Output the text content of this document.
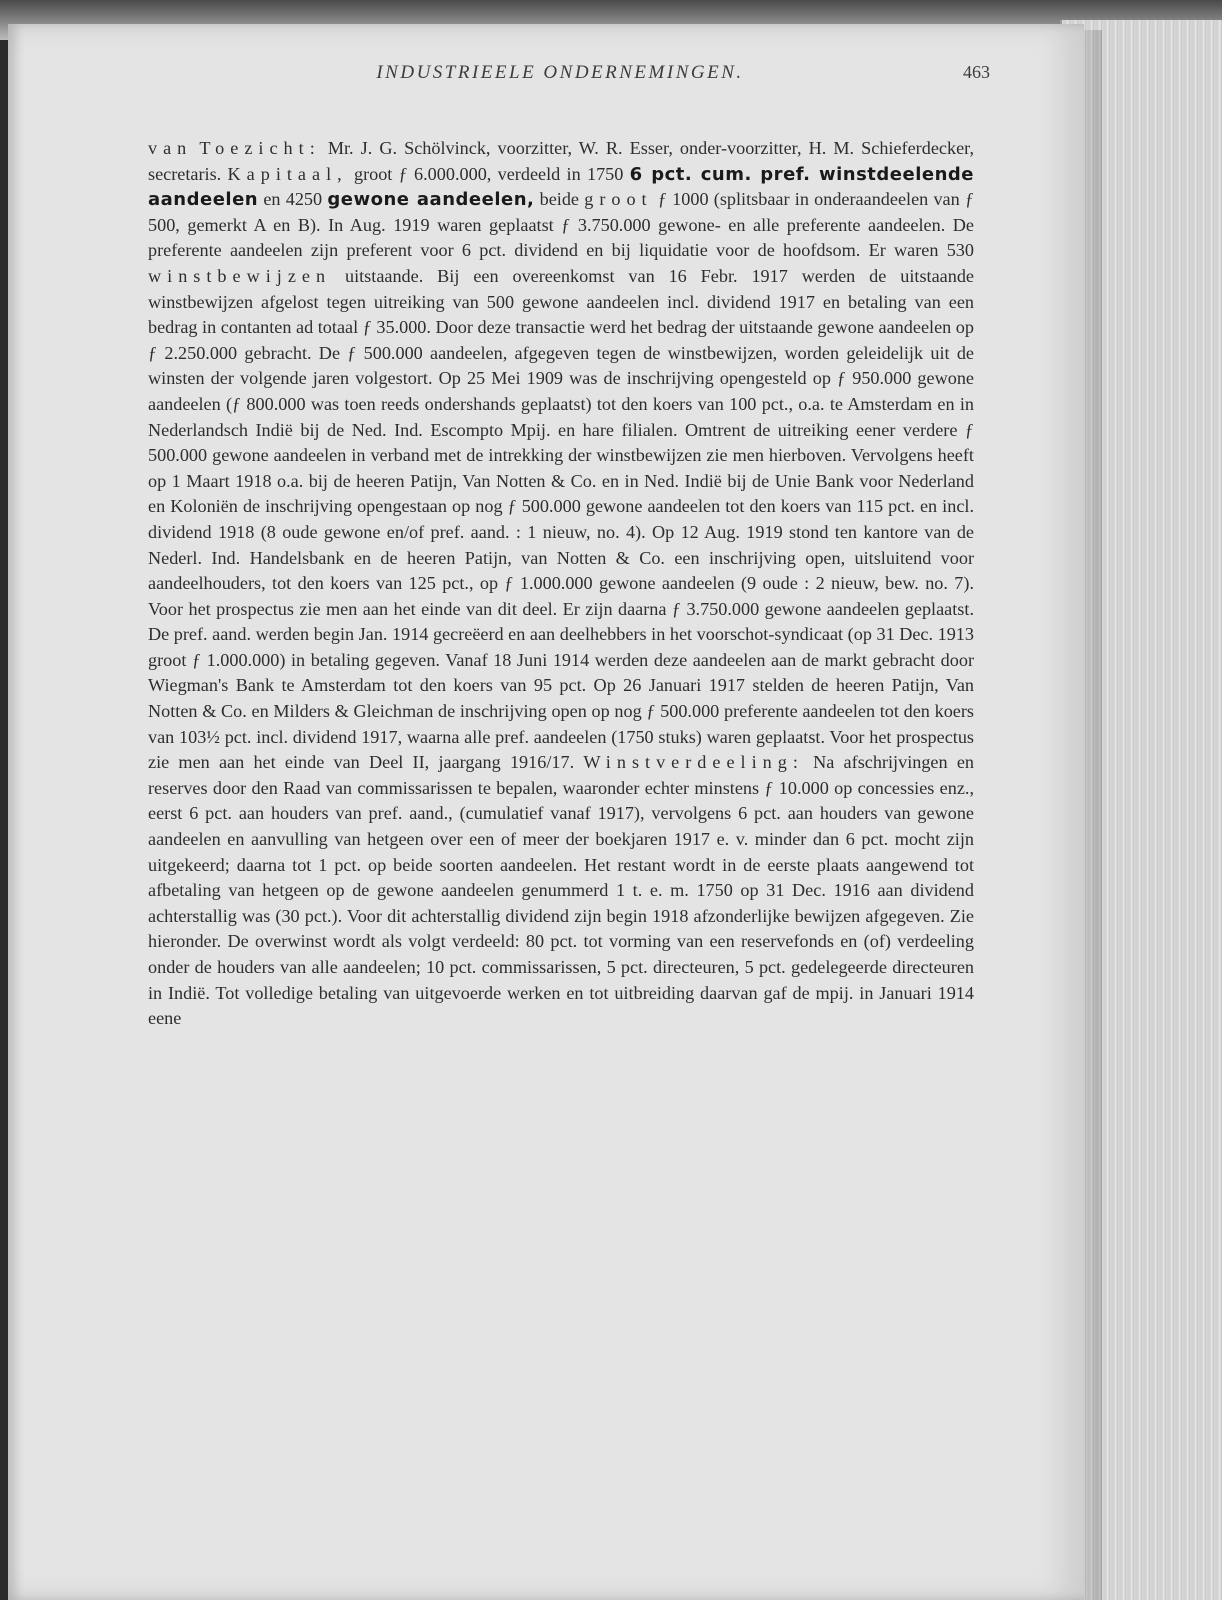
INDUSTRIEELE ONDERNEMINGEN.	463

van Toezicht: Mr. J. G. Schölvinck, voorzitter, W. R. Esser, onder-voorzitter, H. M. Schieferdecker, secretaris. Kapitaal, groot ƒ 6.000.000, verdeeld in 1750 6 pct. cum. pref. winstdeelende aandeelen en 4250 gewone aandeelen, beide groot ƒ 1000 (splitsbaar in onderaandeelen van ƒ 500, gemerkt A en B). In Aug. 1919 waren geplaatst ƒ 3.750.000 gewone- en alle preferente aandeelen. De preferente aandeelen zijn preferent voor 6 pct. dividend en bij liquidatie voor de hoofdsom. Er waren 530 winstbewijzen uitstaande. Bij een overeenkomst van 16 Febr. 1917 werden de uitstaande winstbewijzen afgelost tegen uitreiking van 500 gewone aandeelen incl. dividend 1917 en betaling van een bedrag in contanten ad totaal ƒ 35.000. Door deze transactie werd het bedrag der uitstaande gewone aandeelen op ƒ 2.250.000 gebracht. De ƒ 500.000 aandeelen, afgegeven tegen de winstbewijzen, worden geleidelijk uit de winsten der volgende jaren volgestort. Op 25 Mei 1909 was de inschrijving opengesteld op ƒ 950.000 gewone aandeelen (ƒ 800.000 was toen reeds ondershands geplaatst) tot den koers van 100 pct., o.a. te Amsterdam en in Nederlandsch Indië bij de Ned. Ind. Escompto Mpij. en hare filialen. Omtrent de uitreiking eener verdere ƒ 500.000 gewone aandeelen in verband met de intrekking der winstbewijzen zie men hierboven. Vervolgens heeft op 1 Maart 1918 o.a. bij de heeren Patijn, Van Notten & Co. en in Ned. Indië bij de Unie Bank voor Nederland en Koloniën de inschrijving opengestaan op nog ƒ 500.000 gewone aandeelen tot den koers van 115 pct. en incl. dividend 1918 (8 oude gewone en/of pref. aand. : 1 nieuw, no. 4). Op 12 Aug. 1919 stond ten kantore van de Nederl. Ind. Handelsbank en de heeren Patijn, van Notten & Co. een inschrijving open, uitsluitend voor aandeelhouders, tot den koers van 125 pct., op ƒ 1.000.000 gewone aandeelen (9 oude : 2 nieuw, bew. no. 7). Voor het prospectus zie men aan het einde van dit deel. Er zijn daarna ƒ 3.750.000 gewone aandeelen geplaatst. De pref. aand. werden begin Jan. 1914 gecreëerd en aan deelhebbers in het voorschot-syndicaat (op 31 Dec. 1913 groot ƒ 1.000.000) in betaling gegeven. Vanaf 18 Juni 1914 werden deze aandeelen aan de markt gebracht door Wiegman's Bank te Amsterdam tot den koers van 95 pct. Op 26 Januari 1917 stelden de heeren Patijn, Van Notten & Co. en Milders & Gleichman de inschrijving open op nog ƒ 500.000 preferente aandeelen tot den koers van 103½ pct. incl. dividend 1917, waarna alle pref. aandeelen (1750 stuks) waren geplaatst. Voor het prospectus zie men aan het einde van Deel II, jaargang 1916/17. Winstverdeeling: Na afschrijvingen en reserves door den Raad van commissarissen te bepalen, waaronder echter minstens ƒ 10.000 op concessies enz., eerst 6 pct. aan houders van pref. aand., (cumulatief vanaf 1917), vervolgens 6 pct. aan houders van gewone aandeelen en aanvulling van hetgeen over een of meer der boekjaren 1917 e. v. minder dan 6 pct. mocht zijn uitgekeerd; daarna tot 1 pct. op beide soorten aandeelen. Het restant wordt in de eerste plaats aangewend tot afbetaling van hetgeen op de gewone aandeelen genummerd 1 t. e. m. 1750 op 31 Dec. 1916 aan dividend achterstallig was (30 pct.). Voor dit achterstallig dividend zijn begin 1918 afzonderlijke bewijzen afgegeven. Zie hieronder. De overwinst wordt als volgt verdeeld: 80 pct. tot vorming van een reservefonds en (of) verdeeling onder de houders van alle aandeelen; 10 pct. commissarissen, 5 pct. directeuren, 5 pct. gedelegeerde directeuren in Indië. Tot volledige betaling van uitgevoerde werken en tot uitbreiding daarvan gaf de mpij. in Januari 1914 eene
